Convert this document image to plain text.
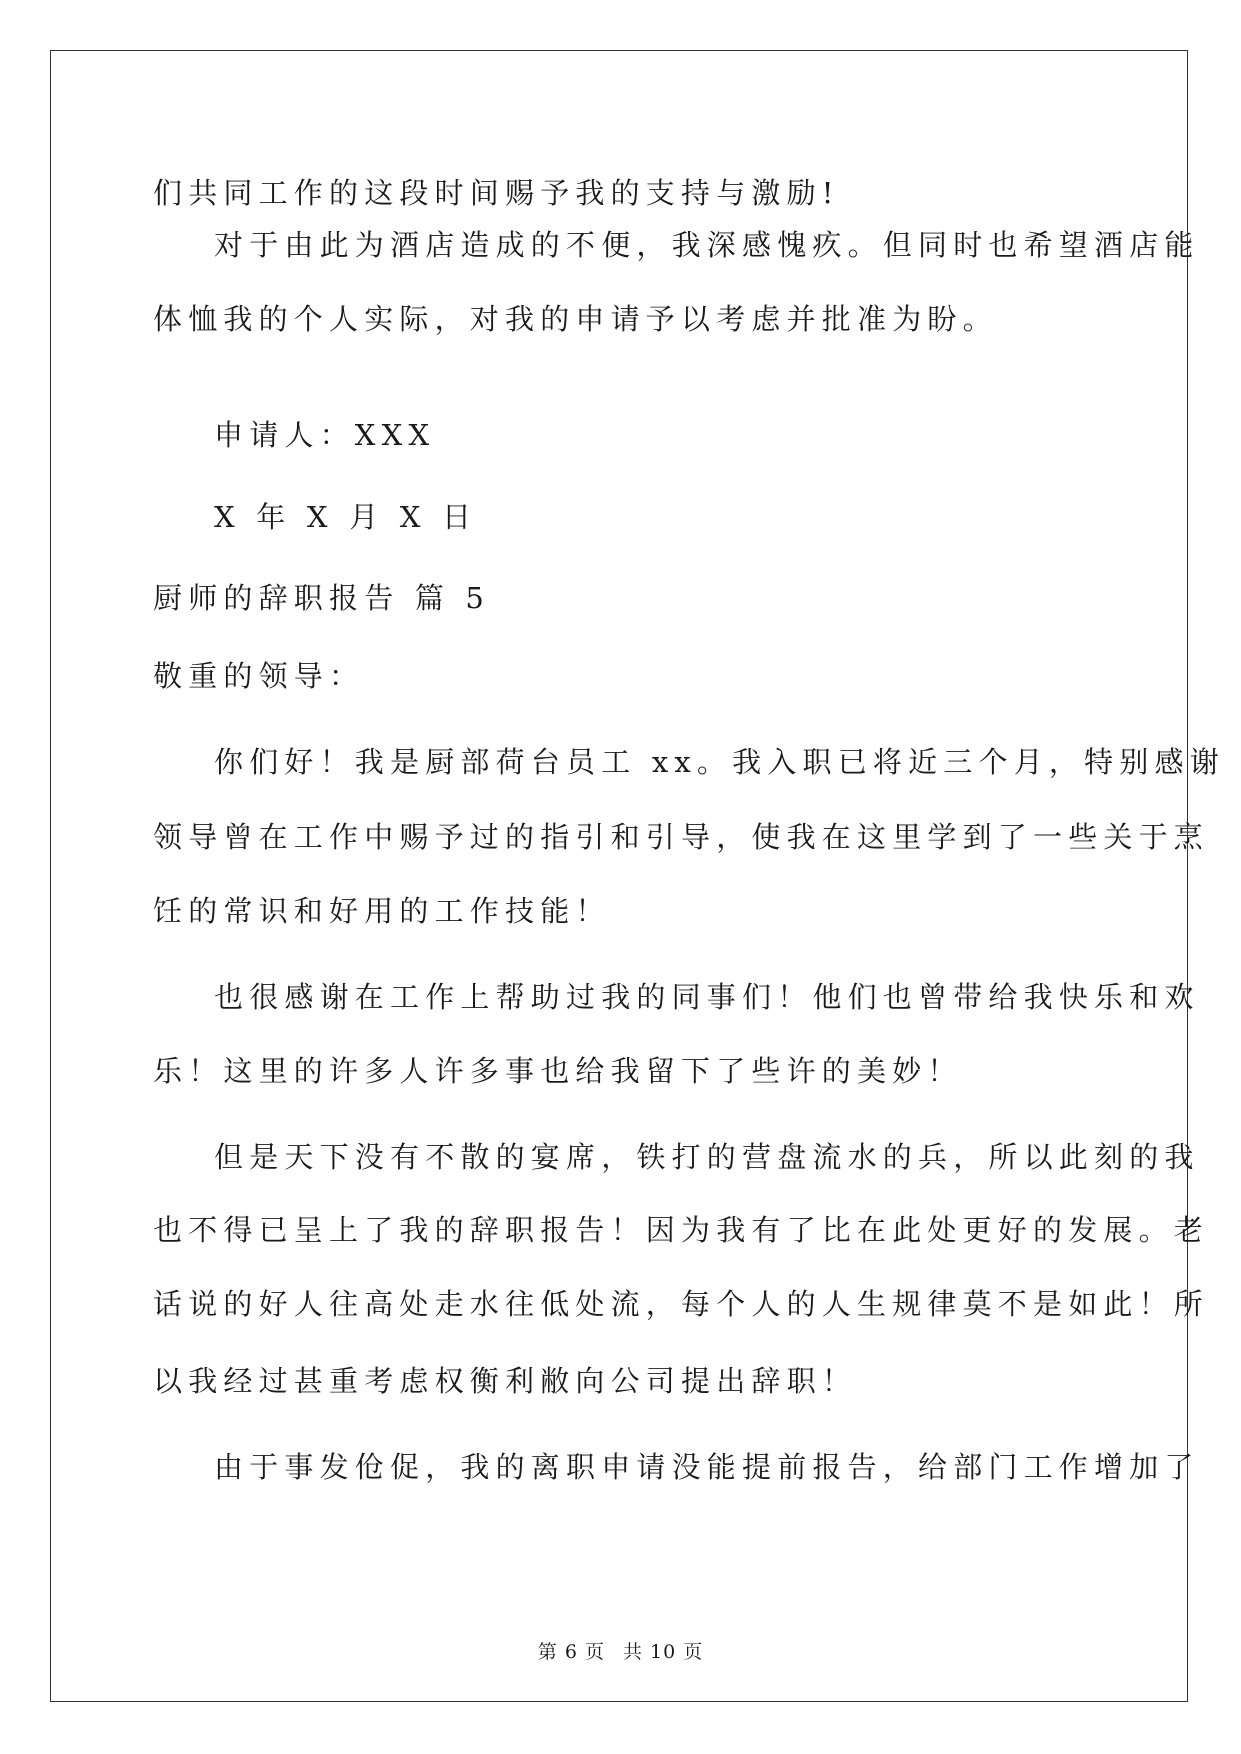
们共同工作的这段时间赐予我的支持与激励!

对于由此为酒店造成的不便，我深感愧疚。但同时也希望酒店能

体恤我的个人实际，对我的申请予以考虑并批准为盼。

申请人：XXX

X 年 X 月 X 日

厨师的辞职报告 篇 5

敬重的领导：

你们好！我是厨部荷台员工 xx。我入职已将近三个月，特别感谢

领导曾在工作中赐予过的指引和引导，使我在这里学到了一些关于烹

饪的常识和好用的工作技能！

也很感谢在工作上帮助过我的同事们！他们也曾带给我快乐和欢

乐！这里的许多人许多事也给我留下了些许的美妙！

但是天下没有不散的宴席，铁打的营盘流水的兵，所以此刻的我

也不得已呈上了我的辞职报告！因为我有了比在此处更好的发展。老

话说的好人往高处走水往低处流，每个人的人生规律莫不是如此！所

以我经过甚重考虑权衡利敝向公司提出辞职！

由于事发伧促，我的离职申请没能提前报告，给部门工作增加了

第 6 页 共 10 页
